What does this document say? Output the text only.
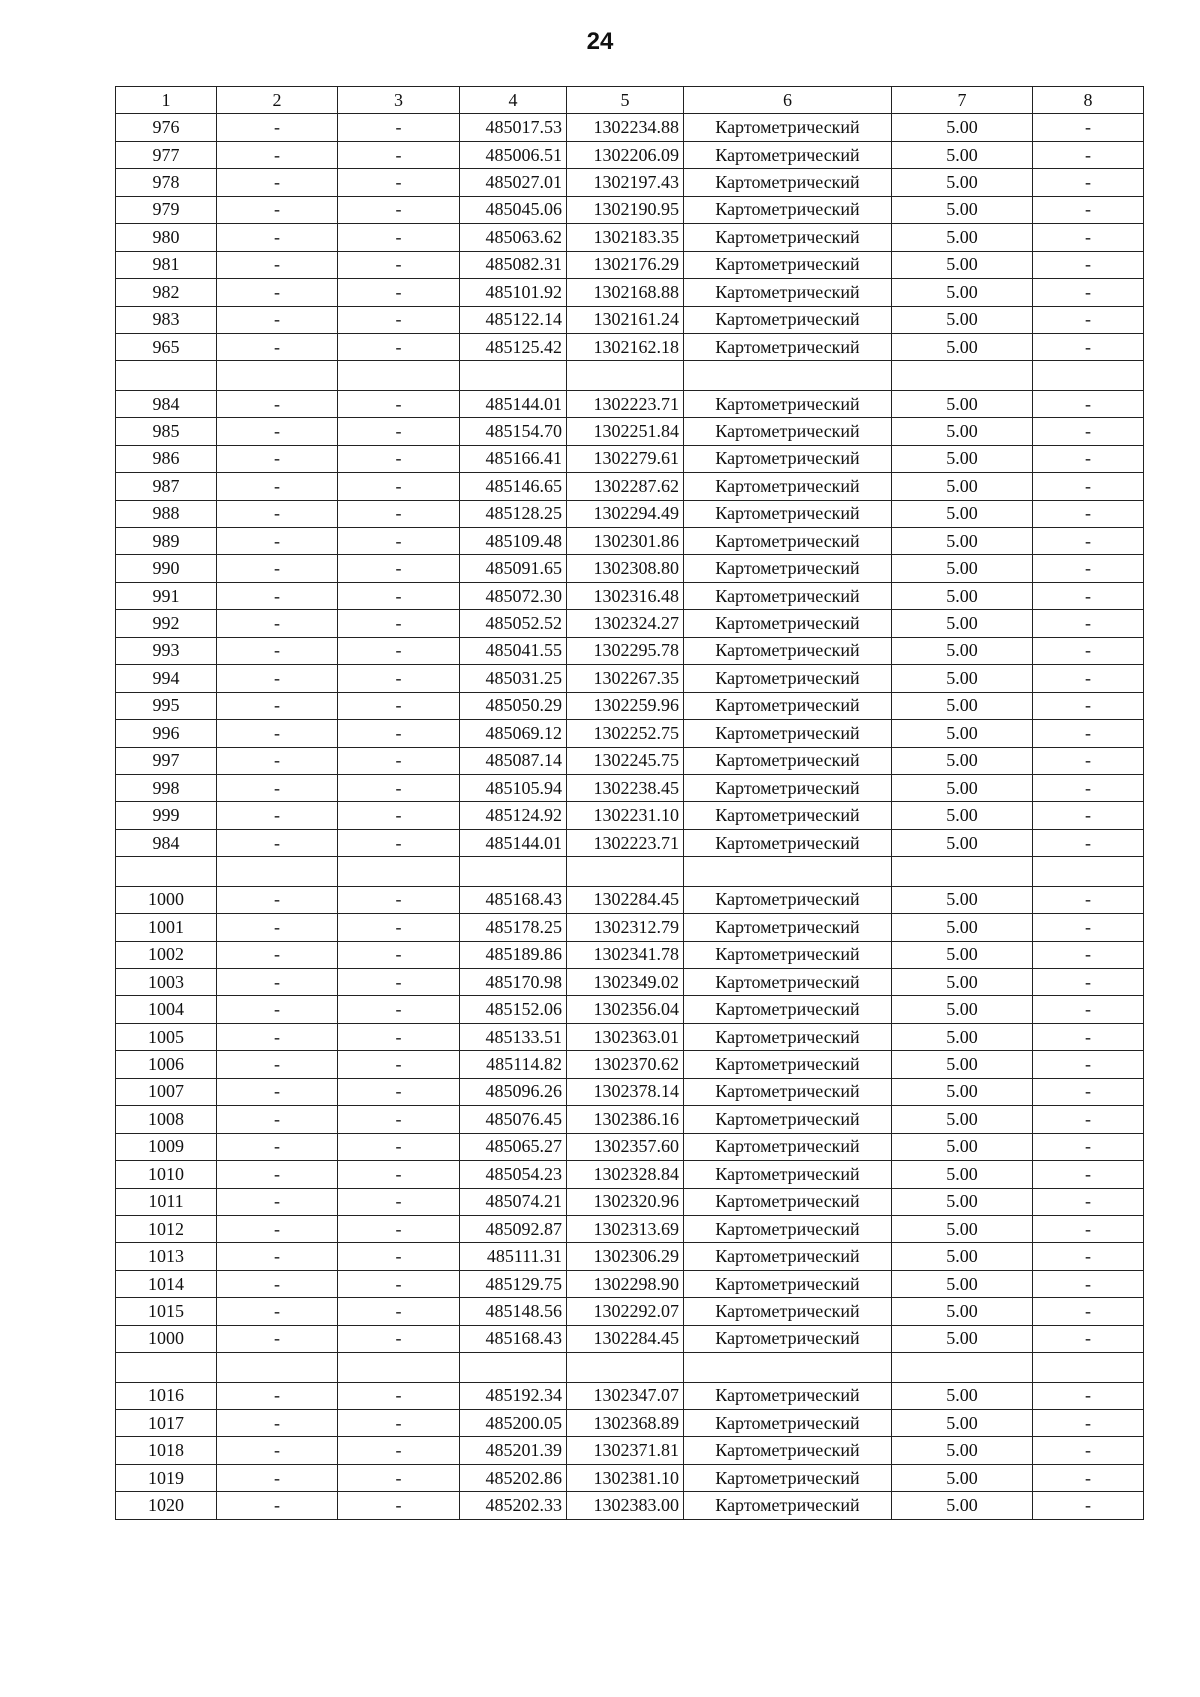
24
1	2	3	4	5	6	7	8
976	-	-	485017.53	1302234.88	Картометрический	5.00	-
977	-	-	485006.51	1302206.09	Картометрический	5.00	-
978	-	-	485027.01	1302197.43	Картометрический	5.00	-
979	-	-	485045.06	1302190.95	Картометрический	5.00	-
980	-	-	485063.62	1302183.35	Картометрический	5.00	-
981	-	-	485082.31	1302176.29	Картометрический	5.00	-
982	-	-	485101.92	1302168.88	Картометрический	5.00	-
983	-	-	485122.14	1302161.24	Картометрический	5.00	-
965	-	-	485125.42	1302162.18	Картометрический	5.00	-

984	-	-	485144.01	1302223.71	Картометрический	5.00	-
985	-	-	485154.70	1302251.84	Картометрический	5.00	-
986	-	-	485166.41	1302279.61	Картометрический	5.00	-
987	-	-	485146.65	1302287.62	Картометрический	5.00	-
988	-	-	485128.25	1302294.49	Картометрический	5.00	-
989	-	-	485109.48	1302301.86	Картометрический	5.00	-
990	-	-	485091.65	1302308.80	Картометрический	5.00	-
991	-	-	485072.30	1302316.48	Картометрический	5.00	-
992	-	-	485052.52	1302324.27	Картометрический	5.00	-
993	-	-	485041.55	1302295.78	Картометрический	5.00	-
994	-	-	485031.25	1302267.35	Картометрический	5.00	-
995	-	-	485050.29	1302259.96	Картометрический	5.00	-
996	-	-	485069.12	1302252.75	Картометрический	5.00	-
997	-	-	485087.14	1302245.75	Картометрический	5.00	-
998	-	-	485105.94	1302238.45	Картометрический	5.00	-
999	-	-	485124.92	1302231.10	Картометрический	5.00	-
984	-	-	485144.01	1302223.71	Картометрический	5.00	-

1000	-	-	485168.43	1302284.45	Картометрический	5.00	-
1001	-	-	485178.25	1302312.79	Картометрический	5.00	-
1002	-	-	485189.86	1302341.78	Картометрический	5.00	-
1003	-	-	485170.98	1302349.02	Картометрический	5.00	-
1004	-	-	485152.06	1302356.04	Картометрический	5.00	-
1005	-	-	485133.51	1302363.01	Картометрический	5.00	-
1006	-	-	485114.82	1302370.62	Картометрический	5.00	-
1007	-	-	485096.26	1302378.14	Картометрический	5.00	-
1008	-	-	485076.45	1302386.16	Картометрический	5.00	-
1009	-	-	485065.27	1302357.60	Картометрический	5.00	-
1010	-	-	485054.23	1302328.84	Картометрический	5.00	-
1011	-	-	485074.21	1302320.96	Картометрический	5.00	-
1012	-	-	485092.87	1302313.69	Картометрический	5.00	-
1013	-	-	485111.31	1302306.29	Картометрический	5.00	-
1014	-	-	485129.75	1302298.90	Картометрический	5.00	-
1015	-	-	485148.56	1302292.07	Картометрический	5.00	-
1000	-	-	485168.43	1302284.45	Картометрический	5.00	-

1016	-	-	485192.34	1302347.07	Картометрический	5.00	-
1017	-	-	485200.05	1302368.89	Картометрический	5.00	-
1018	-	-	485201.39	1302371.81	Картометрический	5.00	-
1019	-	-	485202.86	1302381.10	Картометрический	5.00	-
1020	-	-	485202.33	1302383.00	Картометрический	5.00	-
